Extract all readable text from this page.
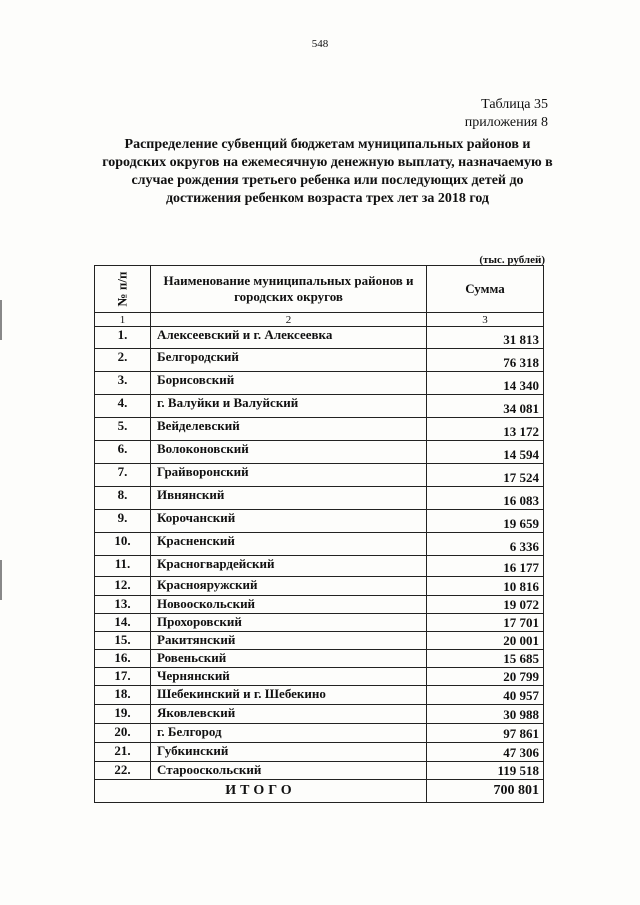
548
Таблица 35
приложения 8
Распределение субвенций бюджетам муниципальных районов и городских округов на ежемесячную денежную выплату, назначаемую в случае рождения третьего ребенка или последующих детей до достижения ребенком возраста трех лет за 2018 год
(тыс. рублей)
№ п/п	Наименование муниципальных районов и городских округов	Сумма
1	2	3
1.	Алексеевский и г. Алексеевка	31 813
2.	Белгородский	76 318
3.	Борисовский	14 340
4.	г. Валуйки и Валуйский	34 081
5.	Вейделевский	13 172
6.	Волоконовский	14 594
7.	Грайворонский	17 524
8.	Ивнянский	16 083
9.	Корочанский	19 659
10.	Красненский	6 336
11.	Красногвардейский	16 177
12.	Краснояружский	10 816
13.	Новооскольский	19 072
14.	Прохоровский	17 701
15.	Ракитянский	20 001
16.	Ровеньский	15 685
17.	Чернянский	20 799
18.	Шебекинский и г. Шебекино	40 957
19.	Яковлевский	30 988
20.	г. Белгород	97 861
21.	Губкинский	47 306
22.	Старооскольский	119 518
ИТОГО		700 801
